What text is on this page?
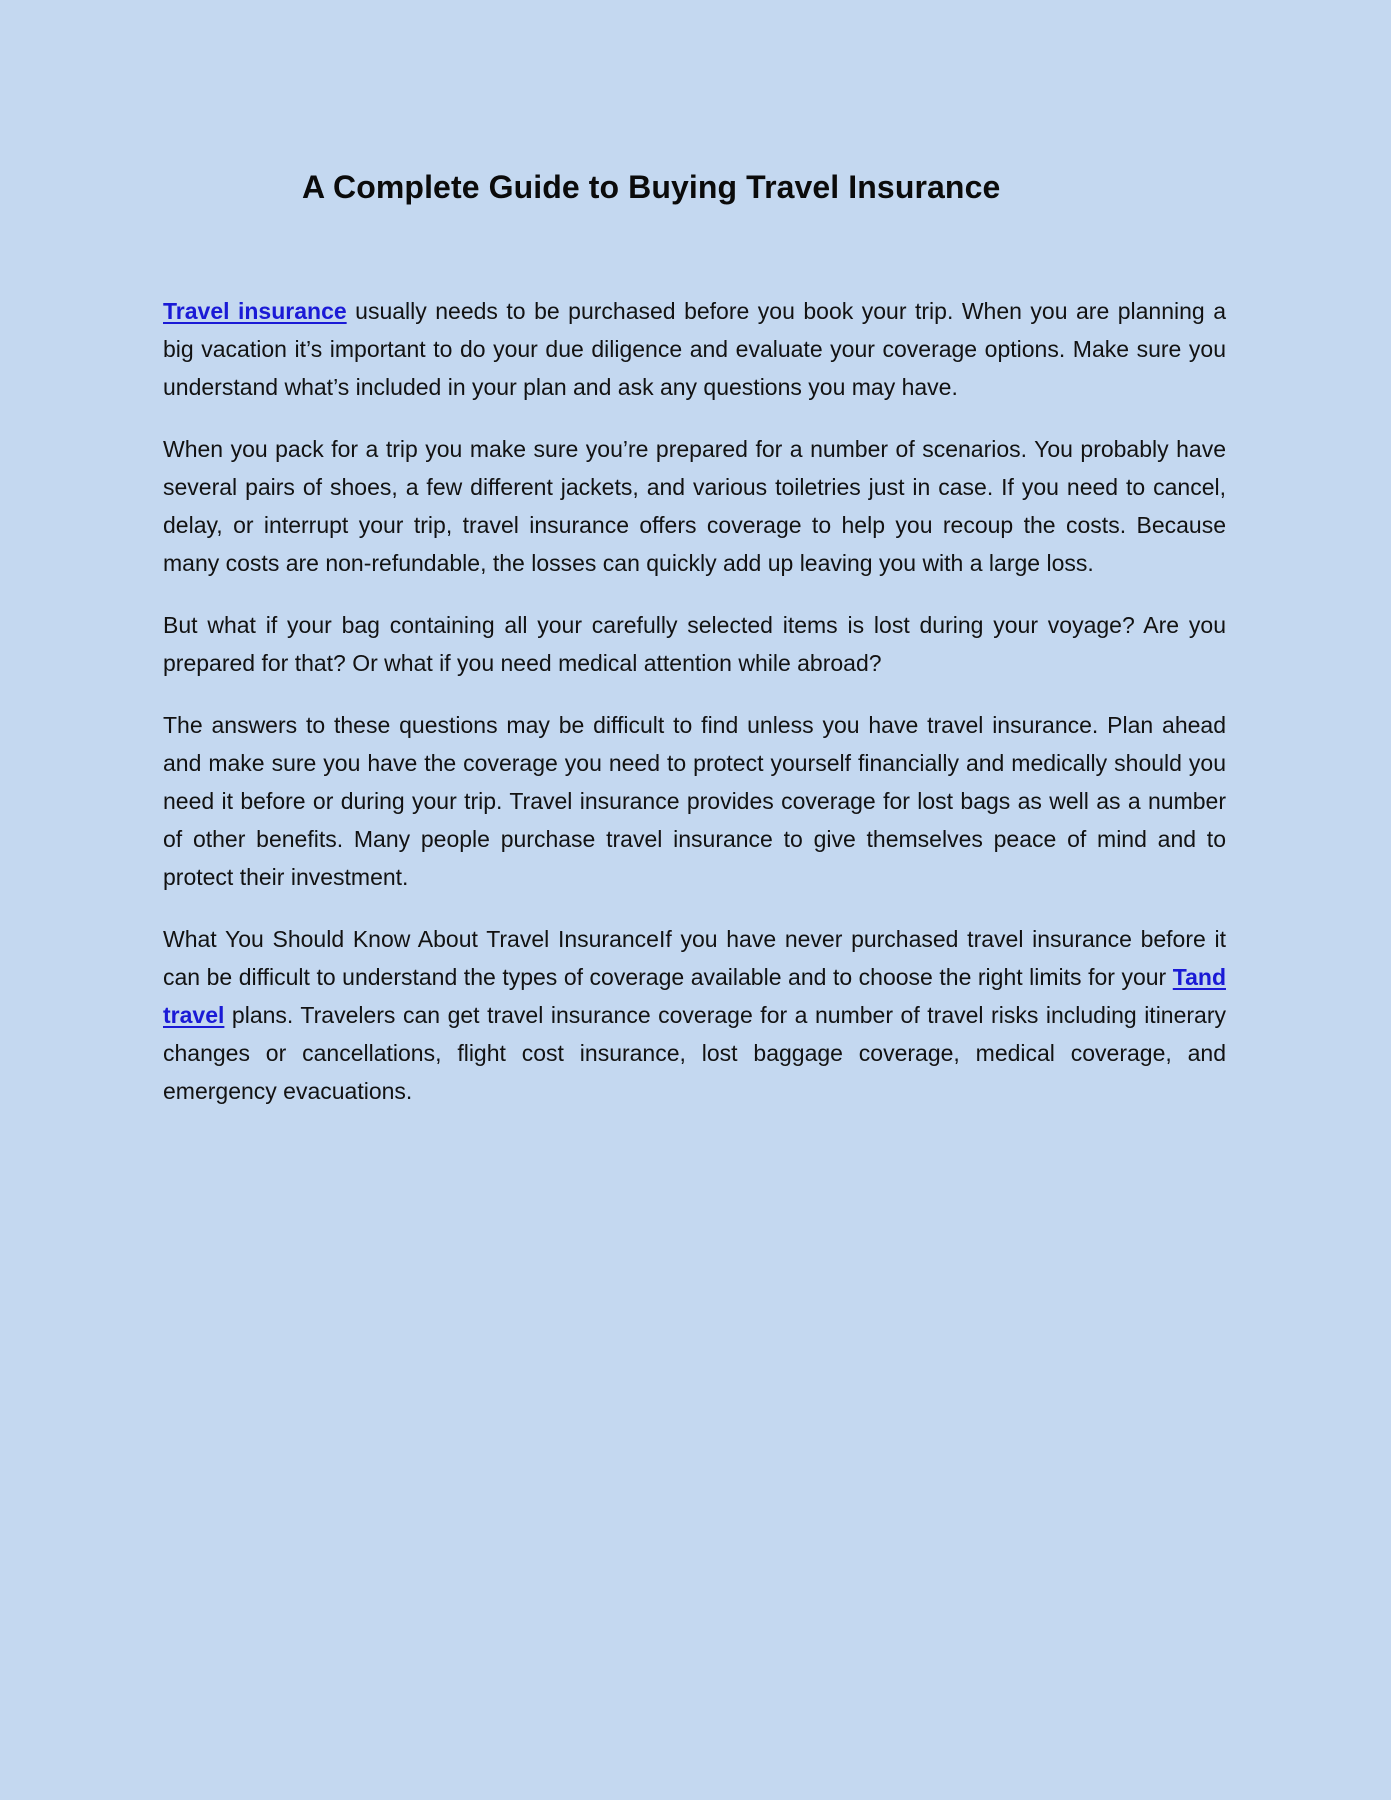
A Complete Guide to Buying Travel Insurance

Travel insurance usually needs to be purchased before you book your trip. When you are planning a big vacation it’s important to do your due diligence and evaluate your coverage options. Make sure you understand what’s included in your plan and ask any questions you may have.

When you pack for a trip you make sure you’re prepared for a number of scenarios. You probably have several pairs of shoes, a few different jackets, and various toiletries just in case. If you need to cancel, delay, or interrupt your trip, travel insurance offers coverage to help you recoup the costs. Because many costs are non-refundable, the losses can quickly add up leaving you with a large loss.

But what if your bag containing all your carefully selected items is lost during your voyage? Are you prepared for that? Or what if you need medical attention while abroad?

The answers to these questions may be difficult to find unless you have travel insurance. Plan ahead and make sure you have the coverage you need to protect yourself financially and medically should you need it before or during your trip. Travel insurance provides coverage for lost bags as well as a number of other benefits. Many people purchase travel insurance to give themselves peace of mind and to protect their investment.

What You Should Know About Travel InsuranceIf you have never purchased travel insurance before it can be difficult to understand the types of coverage available and to choose the right limits for your Tand travel plans. Travelers can get travel insurance coverage for a number of travel risks including itinerary changes or cancellations, flight cost insurance, lost baggage coverage, medical coverage, and emergency evacuations.
